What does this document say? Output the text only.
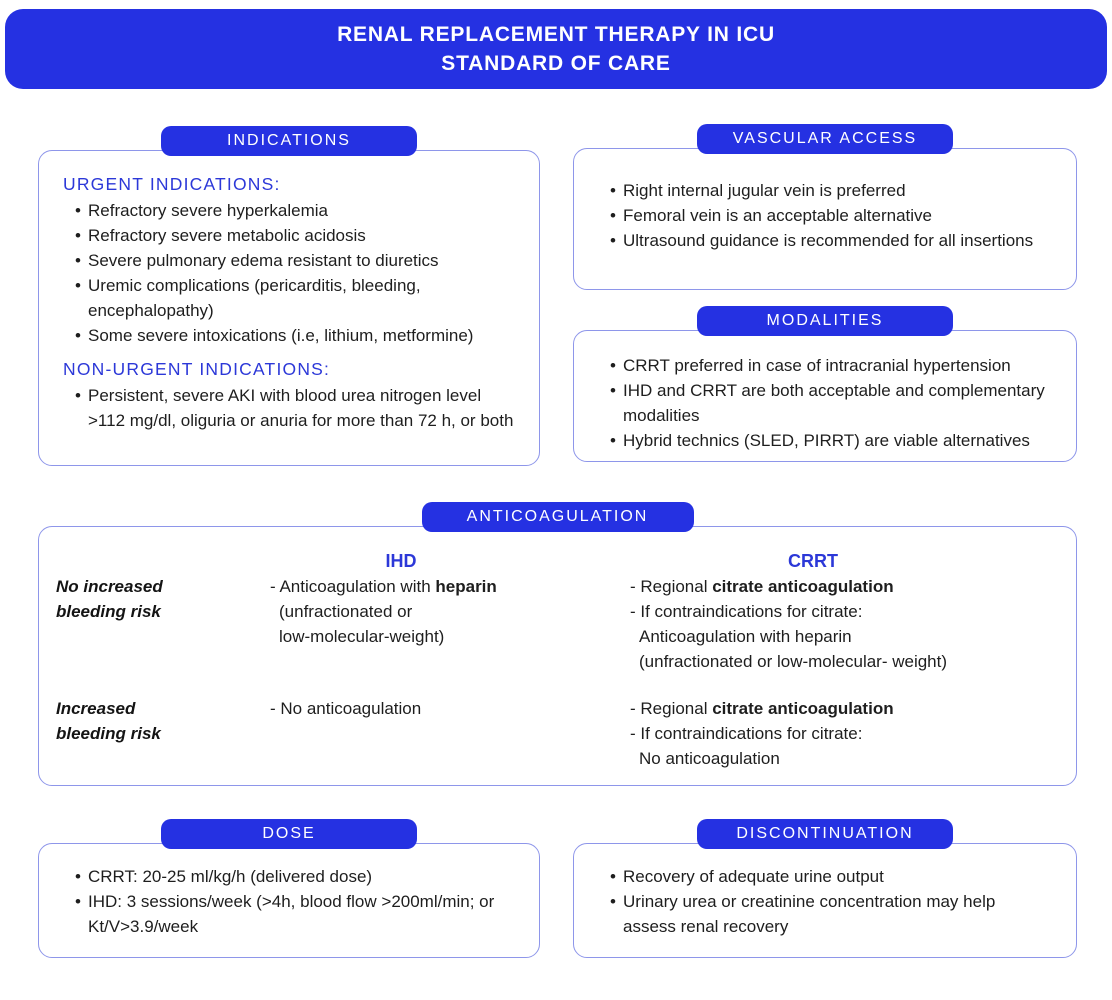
RENAL REPLACEMENT THERAPY IN ICU
STANDARD OF CARE
INDICATIONS
URGENT INDICATIONS:
• Refractory severe hyperkalemia
• Refractory severe metabolic acidosis
• Severe pulmonary edema resistant to diuretics
• Uremic complications (pericarditis, bleeding, encephalopathy)
• Some severe intoxications (i.e, lithium, metformine)
NON-URGENT INDICATIONS:
• Persistent, severe AKI with blood urea nitrogen level >112 mg/dl, oliguria or anuria for more than 72 h, or both
VASCULAR ACCESS
• Right internal jugular vein is preferred
• Femoral vein is an acceptable alternative
• Ultrasound guidance is recommended for all insertions
MODALITIES
• CRRT preferred in case of intracranial hypertension
• IHD and CRRT are both acceptable and complementary modalities
• Hybrid technics (SLED, PIRRT) are viable alternatives
ANTICOAGULATION
IHD	CRRT
No increased
bleeding risk
- Anticoagulation with heparin
(unfractionated or
low-molecular-weight)
- Regional citrate anticoagulation
- If contraindications for citrate:
Anticoagulation with heparin
(unfractionated or low-molecular- weight)
Increased
bleeding risk
- No anticoagulation	- Regional citrate anticoagulation
- If contraindications for citrate:
No anticoagulation
DOSE
• CRRT: 20-25 ml/kg/h (delivered dose)
• IHD: 3 sessions/week (>4h, blood flow >200ml/min; or Kt/V>3.9/week
DISCONTINUATION
• Recovery of adequate urine output
• Urinary urea or creatinine concentration may help assess renal recovery
